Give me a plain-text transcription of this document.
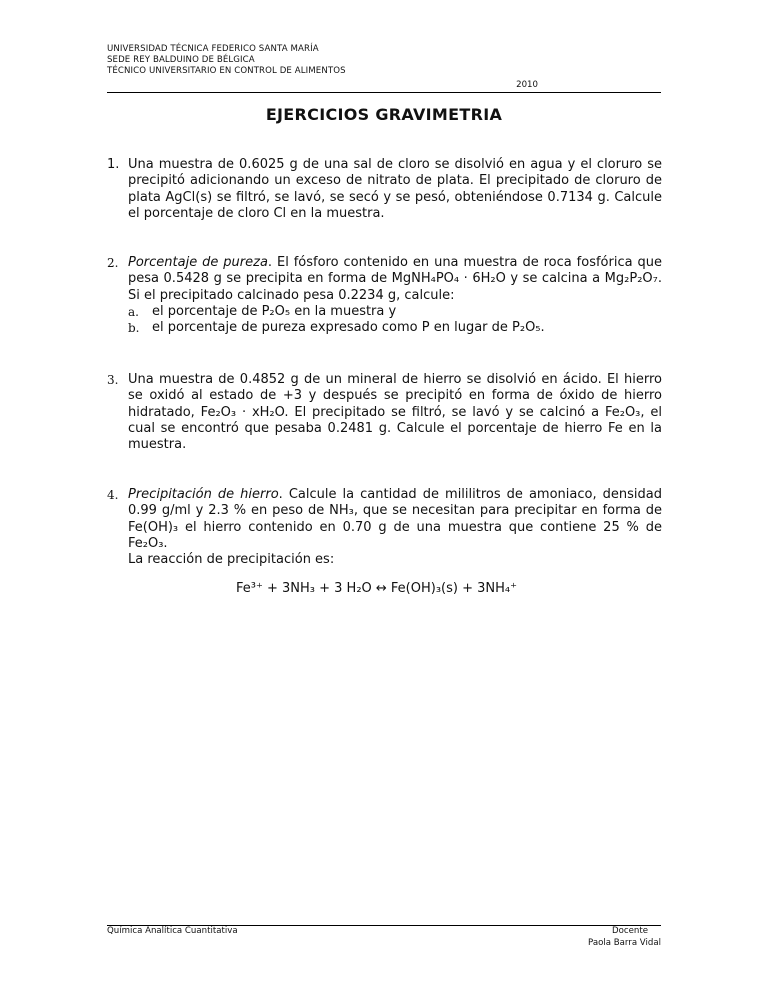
UNIVERSIDAD TÉCNICA FEDERICO SANTA MARÍA
SEDE REY BALDUINO DE BÉLGICA
TÉCNICO UNIVERSITARIO EN CONTROL DE ALIMENTOS
2010
EJERCICIOS GRAVIMETRIA
1. Una muestra de 0.6025 g de una sal de cloro se disolvió en agua y el cloruro se precipitó adicionando un exceso de nitrato de plata. El precipitado de cloruro de plata AgCl(s) se filtró, se lavó, se secó y se pesó, obteniéndose 0.7134 g. Calcule el porcentaje de cloro Cl en la muestra.

2. Porcentaje de pureza. El fósforo contenido en una muestra de roca fosfórica que pesa 0.5428 g se precipita en forma de MgNH₄PO₄ · 6H₂O y se calcina a Mg₂P₂O₇. Si el precipitado calcinado pesa 0.2234 g, calcule:

a. el porcentaje de P₂O₅ en la muestra y
b. el porcentaje de pureza expresado como P en lugar de P₂O₅.
3. Una muestra de 0.4852 g de un mineral de hierro se disolvió en ácido. El hierro se oxidó al estado de +3 y después se precipitó en forma de óxido de hierro hidratado, Fe₂O₃ · xH₂O. El precipitado se filtró, se lavó y se calcinó a Fe₂O₃, el cual se encontró que pesaba 0.2481 g. Calcule el porcentaje de hierro Fe en la muestra.

4. Precipitación de hierro. Calcule la cantidad de mililitros de amoniaco, densidad 0.99 g/ml y 2.3 % en peso de NH₃, que se necesitan para precipitar en forma de Fe(OH)₃ el hierro contenido en 0.70 g de una muestra que contiene 25 % de Fe₂O₃.

La reacción de precipitación es:

Fe³⁺ + 3NH₃ + 3 H₂O ↔ Fe(OH)₃(s) + 3NH₄⁺
Química Analítica Cuantitativa	Docente
Paola Barra Vidal
